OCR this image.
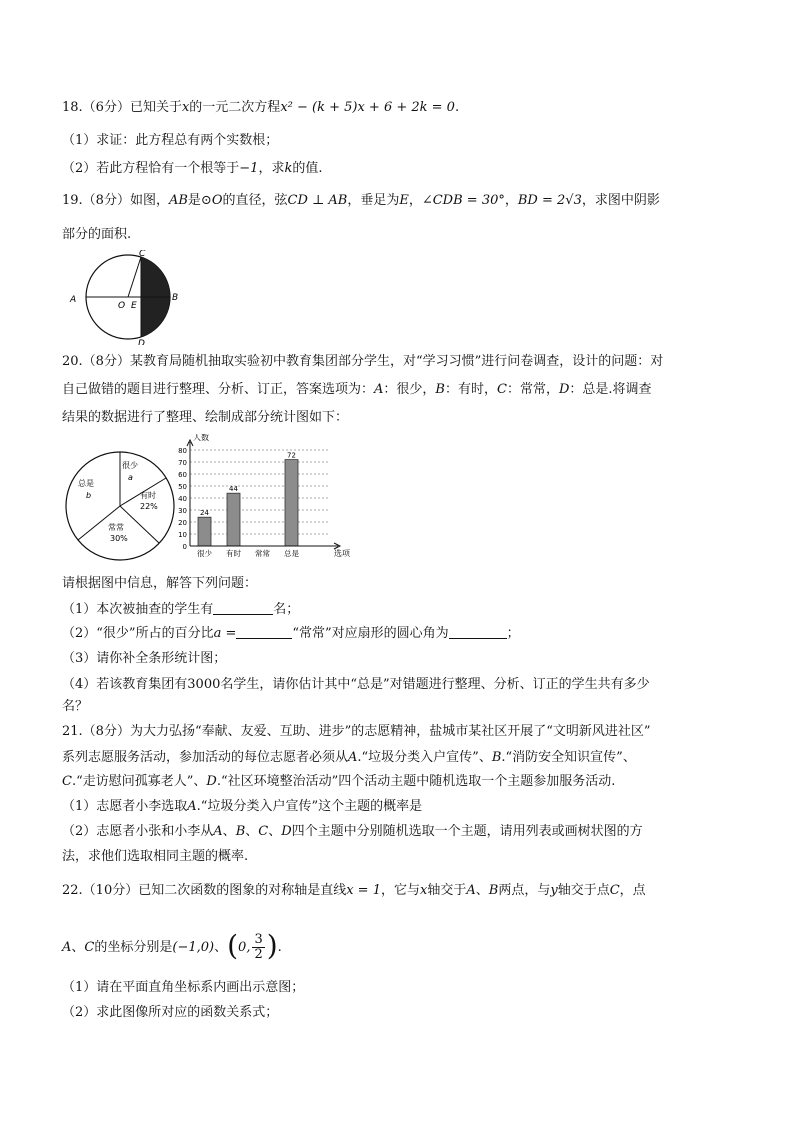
18.（6分）已知关于x的一元二次方程x² − (k + 5)x + 6 + 2k = 0.
（1）求证：此方程总有两个实数根；
（2）若此方程恰有一个根等于−1，求k的值.
19.（8分）如图，AB是⊙O的直径，弦CD ⊥ AB，垂足为E，∠CDB = 30°，BD = 2√3，求图中阴影
部分的面积.
A	B
C
D
O E
20.（8分）某教育局随机抽取实验初中教育集团部分学生，对“学习习惯”进行问卷调查，设计的问题：对
自己做错的题目进行整理、分析、订正，答案选项为：A：很少，B：有时，C：常常，D：总是.将调查
结果的数据进行了整理、绘制成部分统计图如下：
很少
a
有时
22%
常常
30%
总是
b
24
44
72
0
10
20
30
40
50
60
70
80
很少 有时 常常 总是
人数
选项
请根据图中信息，解答下列问题：
（1）本次被抽查的学生有	名；
（2）“很少”所占的百分比a =	“常常”对应扇形的圆心角为	；
（3）请你补全条形统计图；
（4）若该教育集团有3000名学生，请你估计其中“总是”对错题进行整理、分析、订正的学生共有多少
名？
21.（8分）为大力弘扬“奉献、友爱、互助、进步”的志愿精神，盐城市某社区开展了“文明新风进社区”
系列志愿服务活动，参加活动的每位志愿者必须从A.“垃圾分类入户宣传”、B.“消防安全知识宣传”、
C.“走访慰问孤寡老人”、D.“社区环境整治活动”四个活动主题中随机选取一个主题参加服务活动.
（1）志愿者小李选取A.“垃圾分类入户宣传”这个主题的概率是
（2）志愿者小张和小李从A、B、C、D四个主题中分别随机选取一个主题，请用列表或画树状图的方
法，求他们选取相同主题的概率.
22.（10分）已知二次函数的图象的对称轴是直线x = 1，它与x轴交于A、B两点，与y轴交于点C，点
A、C的坐标分别是(−1,0)、(0, $\frac{3}{2}$ ).
（1）请在平面直角坐标系内画出示意图；
（2）求此图像所对应的函数关系式；
